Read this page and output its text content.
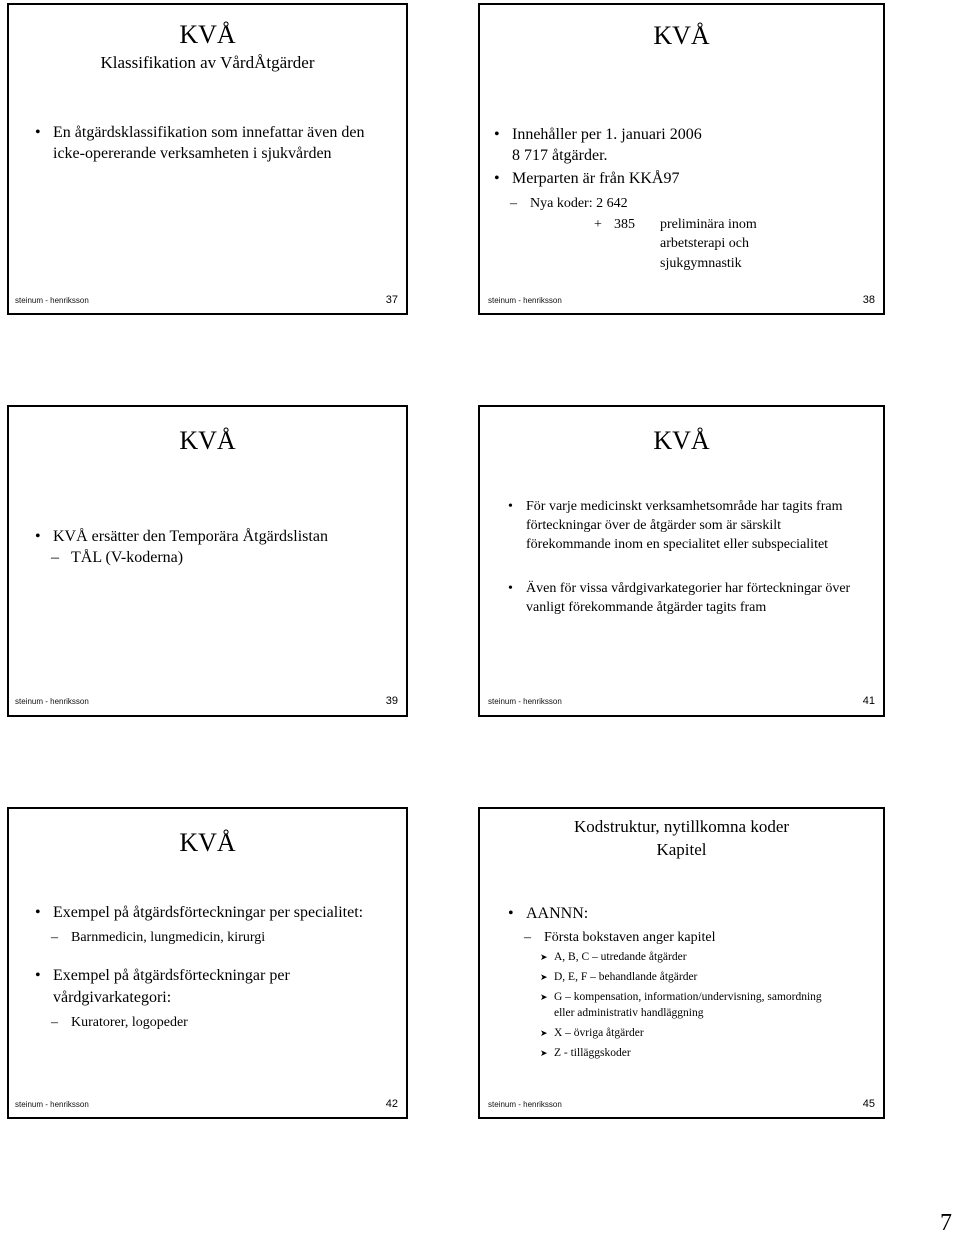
KVÅ
Klassifikation av VårdÅtgärder
• En åtgärdsklassifikation som innefattar även den icke-opererande verksamheten i sjukvården
steinum - henriksson	37
KVÅ
• Innehåller per 1. januari 2006
8 717 åtgärder.
• Merparten är från KKÅ97
– Nya koder: 2 642
+ 385 preliminära inom
arbetsterapi och
sjukgymnastik
steinum - henriksson	38
KVÅ
• KVÅ ersätter den Temporära Åtgärdslistan
– TÅL (V-koderna)
steinum - henriksson	39
KVÅ
• För varje medicinskt verksamhetsområde har tagits fram förteckningar över de åtgärder som är särskilt förekommande inom en specialitet eller subspecialitet
• Även för vissa vårdgivarkategorier har förteckningar över vanligt förekommande åtgärder tagits fram
steinum - henriksson	41
KVÅ
• Exempel på åtgärdsförteckningar per specialitet:
– Barnmedicin, lungmedicin, kirurgi
• Exempel på åtgärdsförteckningar per vårdgivarkategori:
– Kuratorer, logopeder
steinum - henriksson	42
Kodstruktur, nytillkomna koder
Kapitel
• AANNN:
– Första bokstaven anger kapitel
➤ A, B, C – utredande åtgärder
➤ D, E, F – behandlande åtgärder
➤ G – kompensation, information/undervisning, samordning eller administrativ handläggning
➤ X – övriga åtgärder
➤ Z - tilläggskoder
steinum - henriksson	45
7
